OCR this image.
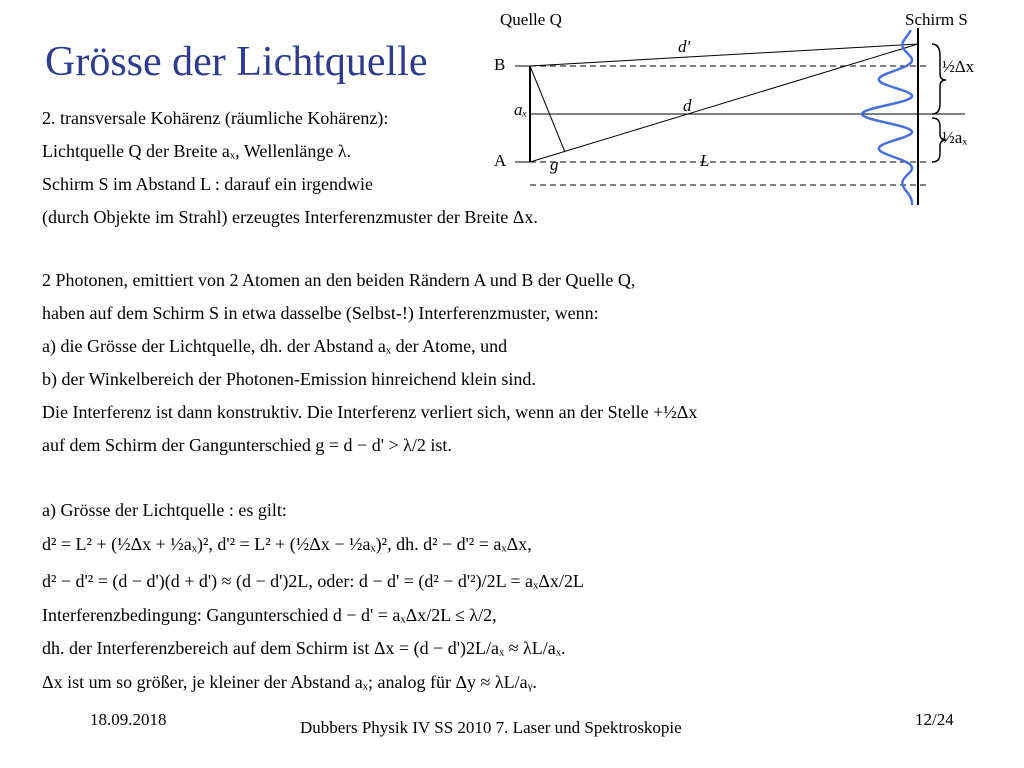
Grösse der Lichtquelle
Quelle Q	Schirm S
d'
B
aₓ	d
A	g	L
½Δx
½aₓ
2. transversale Kohärenz (räumliche Kohärenz):
Lichtquelle Q der Breite aₓ, Wellenlänge λ.
Schirm S im Abstand L : darauf ein irgendwie
(durch Objekte im Strahl) erzeugtes Interferenzmuster der Breite Δx.
2 Photonen, emittiert von 2 Atomen an den beiden Rändern A und B der Quelle Q,
haben auf dem Schirm S in etwa dasselbe (Selbst-!) Interferenzmuster, wenn:
a) die Grösse der Lichtquelle, dh. der Abstand aₓ der Atome, und
b) der Winkelbereich der Photonen-Emission hinreichend klein sind.
Die Interferenz ist dann konstruktiv. Die Interferenz verliert sich, wenn an der Stelle +½Δx
auf dem Schirm der Gangunterschied g = d − d' > λ/2 ist.
a) Grösse der Lichtquelle : es gilt:
d² = L² + (½Δx + ½aₓ)², d'² = L² + (½Δx − ½aₓ)², dh. d² − d'² = aₓΔx,
d² − d'² = (d − d')(d + d') ≈ (d − d')2L, oder: d − d' = (d² − d'²)/2L = aₓΔx/2L
Interferenzbedingung: Gangunterschied d − d' = aₓΔx/2L ≤ λ/2,
dh. der Interferenzbereich auf dem Schirm ist Δx = (d − d')2L/aₓ ≈ λL/aₓ.
Δx ist um so größer, je kleiner der Abstand aₓ; analog für Δy ≈ λL/aᵧ.
18.09.2018	Dubbers Physik IV SS 2010 7. Laser und Spektroskopie	12/24
